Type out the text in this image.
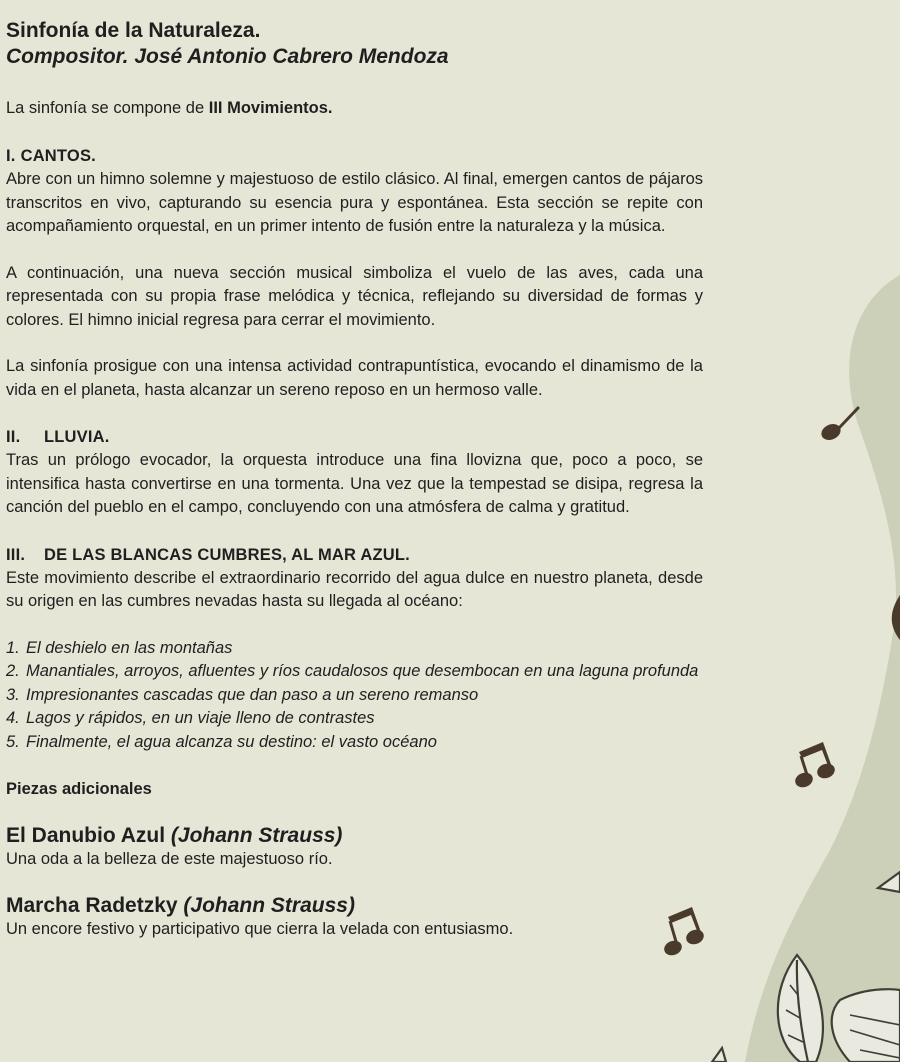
Sinfonía de la Naturaleza.
Compositor. José Antonio Cabrero Mendoza

La sinfonía se compone de III Movimientos.

I. CANTOS.

Abre con un himno solemne y majestuoso de estilo clásico. Al final, emergen cantos de pájaros transcritos en vivo, capturando su esencia pura y espontánea. Esta sección se repite con acompañamiento orquestal, en un primer intento de fusión entre la naturaleza y la música.

A continuación, una nueva sección musical simboliza el vuelo de las aves, cada una representada con su propia frase melódica y técnica, reflejando su diversidad de formas y colores. El himno inicial regresa para cerrar el movimiento.

La sinfonía prosigue con una intensa actividad contrapuntística, evocando el dinamismo de la vida en el planeta, hasta alcanzar un sereno reposo en un hermoso valle.

II. LLUVIA.

Tras un prólogo evocador, la orquesta introduce una fina llovizna que, poco a poco, se intensifica hasta convertirse en una tormenta. Una vez que la tempestad se disipa, regresa la canción del pueblo en el campo, concluyendo con una atmósfera de calma y gratitud.

III. DE LAS BLANCAS CUMBRES, AL MAR AZUL.

Este movimiento describe el extraordinario recorrido del agua dulce en nuestro planeta, desde su origen en las cumbres nevadas hasta su llegada al océano:

1. El deshielo en las montañas
2. Manantiales, arroyos, afluentes y ríos caudalosos que desembocan en una laguna profunda
3. Impresionantes cascadas que dan paso a un sereno remanso
4. Lagos y rápidos, en un viaje lleno de contrastes
5. Finalmente, el agua alcanza su destino: el vasto océano
Piezas adicionales
El Danubio Azul (Johann Strauss)

Una oda a la belleza de este majestuoso río.

Marcha Radetzky (Johann Strauss)

Un encore festivo y participativo que cierra la velada con entusiasmo.
